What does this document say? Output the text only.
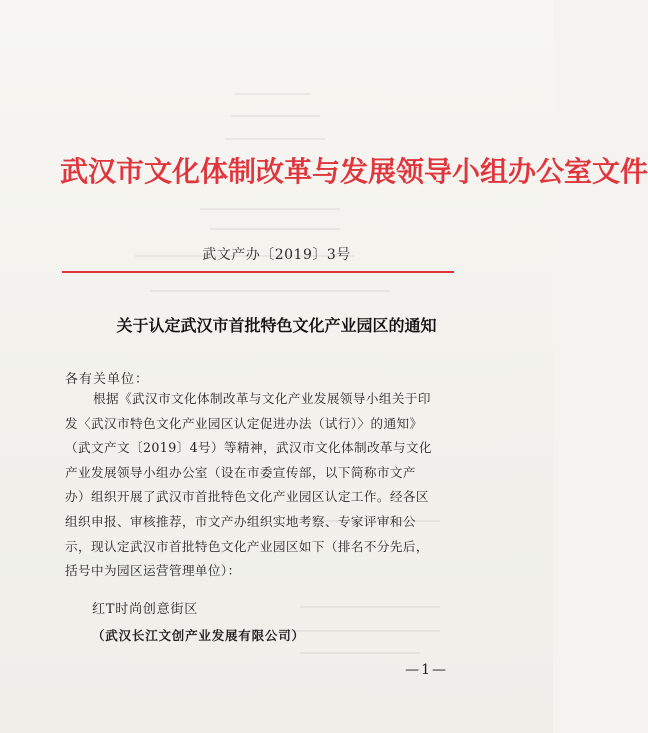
武汉市文化体制改革与发展领导小组办公室文件
武文产办〔2019〕3号
关于认定武汉市首批特色文化产业园区的通知
各有关单位：
根据《武汉市文化体制改革与文化产业发展领导小组关于印
发〈武汉市特色文化产业园区认定促进办法（试行）〉的通知》
（武文产文〔2019〕4号）等精神，武汉市文化体制改革与文化
产业发展领导小组办公室（设在市委宣传部，以下简称市文产
办）组织开展了武汉市首批特色文化产业园区认定工作。经各区
组织申报、审核推荐，市文产办组织实地考察、专家评审和公
示，现认定武汉市首批特色文化产业园区如下（排名不分先后，
括号中为园区运营管理单位）：
红T时尚创意街区
（武汉长江文创产业发展有限公司）
—1—
